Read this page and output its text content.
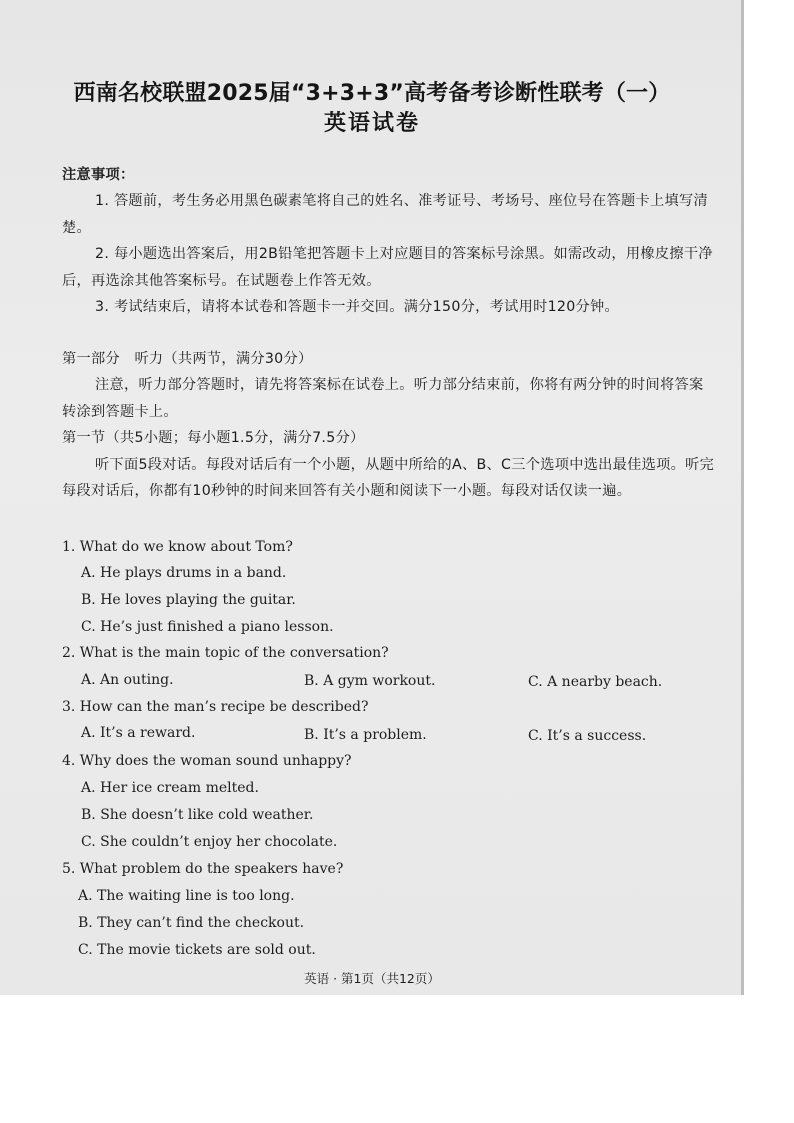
西南名校联盟2025届“3+3+3”高考备考诊断性联考（一）
英语试卷
注意事项：
1. 答题前，考生务必用黑色碳素笔将自己的姓名、准考证号、考场号、座位号在答题卡上填写清楚。
2. 每小题选出答案后，用2B铅笔把答题卡上对应题目的答案标号涂黑。如需改动，用橡皮擦干净后，再选涂其他答案标号。在试题卷上作答无效。
3. 考试结束后，请将本试卷和答题卡一并交回。满分150分，考试用时120分钟。
第一部分　听力（共两节，满分30分）
注意，听力部分答题时，请先将答案标在试卷上。听力部分结束前，你将有两分钟的时间将答案转涂到答题卡上。
第一节（共5小题；每小题1.5分，满分7.5分）
听下面5段对话。每段对话后有一个小题，从题中所给的A、B、C三个选项中选出最佳选项。听完每段对话后，你都有10秒钟的时间来回答有关小题和阅读下一小题。每段对话仅读一遍。
1. What do we know about Tom?
A. He plays drums in a band.
B. He loves playing the guitar.
C. He’s just finished a piano lesson.
2. What is the main topic of the conversation?
A. An outing.	B. A gym workout.	C. A nearby beach.
3. How can the man’s recipe be described?
A. It’s a reward.	B. It’s a problem.	C. It’s a success.
4. Why does the woman sound unhappy?
A. Her ice cream melted.
B. She doesn’t like cold weather.
C. She couldn’t enjoy her chocolate.
5. What problem do the speakers have?
A. The waiting line is too long.
B. They can’t find the checkout.
C. The movie tickets are sold out.
英语 · 第1页（共12页）
